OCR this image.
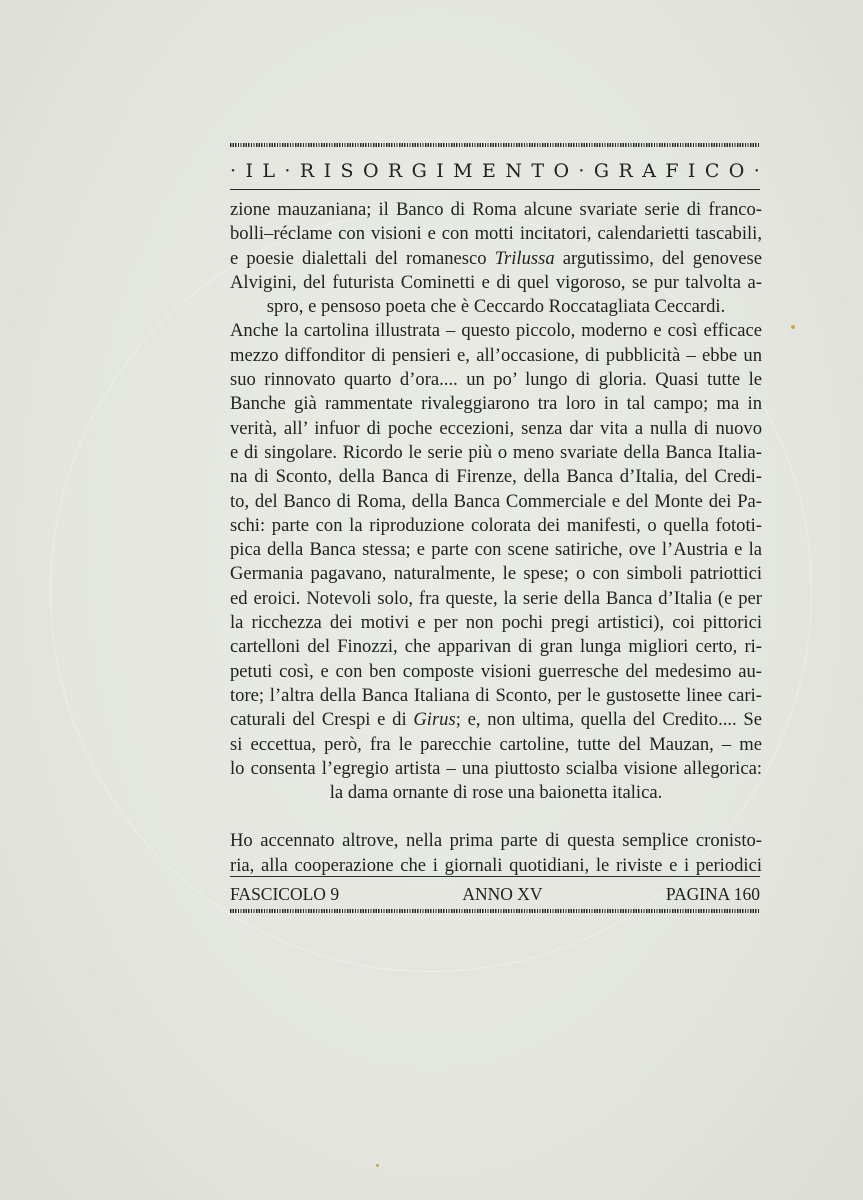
· I L · R I S O R G I M E N T O · G R A F I C O ·
zione mauzaniana; il Banco di Roma alcune svariate serie di franco-
bolli–réclame con visioni e con motti incitatori, calendarietti tascabili,
e poesie dialettali del romanesco Trilussa argutissimo, del genovese
Alvigini, del futurista Cominetti e di quel vigoroso, se pur talvolta a-
spro, e pensoso poeta che è Ceccardo Roccatagliata Ceccardi.
Anche la cartolina illustrata – questo piccolo, moderno e così efficace
mezzo diffonditor di pensieri e, all’occasione, di pubblicità – ebbe un
suo rinnovato quarto d’ora.... un po’ lungo di gloria. Quasi tutte le
Banche già rammentate rivaleggiarono tra loro in tal campo; ma in
verità, all’ infuor di poche eccezioni, senza dar vita a nulla di nuovo
e di singolare. Ricordo le serie più o meno svariate della Banca Italia-
na di Sconto, della Banca di Firenze, della Banca d’Italia, del Credi-
to, del Banco di Roma, della Banca Commerciale e del Monte dei Pa-
schi: parte con la riproduzione colorata dei manifesti, o quella fototi-
pica della Banca stessa; e parte con scene satiriche, ove l’Austria e la
Germania pagavano, naturalmente, le spese; o con simboli patriottici
ed eroici. Notevoli solo, fra queste, la serie della Banca d’Italia (e per
la ricchezza dei motivi e per non pochi pregi artistici), coi pittorici
cartelloni del Finozzi, che apparivan di gran lunga migliori certo, ri-
petuti così, e con ben composte visioni guerresche del medesimo au-
tore; l’altra della Banca Italiana di Sconto, per le gustosette linee cari-
caturali del Crespi e di Girus; e, non ultima, quella del Credito.... Se
si eccettua, però, fra le parecchie cartoline, tutte del Mauzan, – me
lo consenta l’egregio artista – una piuttosto scialba visione allegorica:
la dama ornante di rose una baionetta italica.
Ho accennato altrove, nella prima parte di questa semplice cronisto-
ria, alla cooperazione che i giornali quotidiani, le riviste e i periodici
FASCICOLO 9	ANNO XV	PAGINA 160
